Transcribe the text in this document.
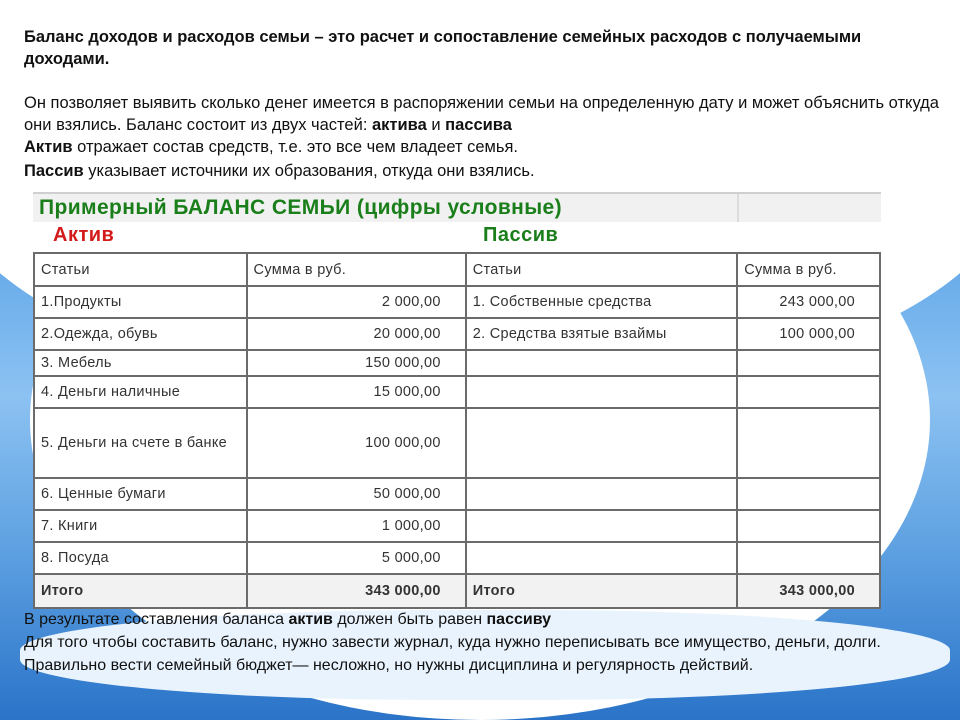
Баланс доходов и расходов семьи – это расчет и сопоставление семейных расходов с получаемыми доходами.

Он позволяет выявить сколько денег имеется в распоряжении семьи на определенную дату и может объяснить откуда они взялись. Баланс состоит из двух частей: актива и пассива

Актив отражает состав средств, т.е. это все чем владеет семья.

Пассив указывает источники их образования, откуда они взялись.

Примерный БАЛАНС СЕМЬИ (цифры условные)
Актив	Пассив
Статьи	Сумма в руб.	Статьи	Сумма в руб.
1.Продукты	2 000,00	1. Собственные средства	243 000,00
2.Одежда, обувь	20 000,00	2. Средства взятые взаймы	100 000,00
3. Мебель	150 000,00		
4. Деньги наличные	15 000,00		
5. Деньги на счете в банке	100 000,00		
6. Ценные бумаги	50 000,00		
7. Книги	1 000,00		
8. Посуда	5 000,00		
Итого	343 000,00	Итого	343 000,00

В результате составления баланса актив должен быть равен пассиву

Для того чтобы составить баланс, нужно завести журнал, куда нужно переписывать все имущество, деньги, долги. Правильно вести семейный бюджет— несложно, но нужны дисциплина и регулярность действий.
